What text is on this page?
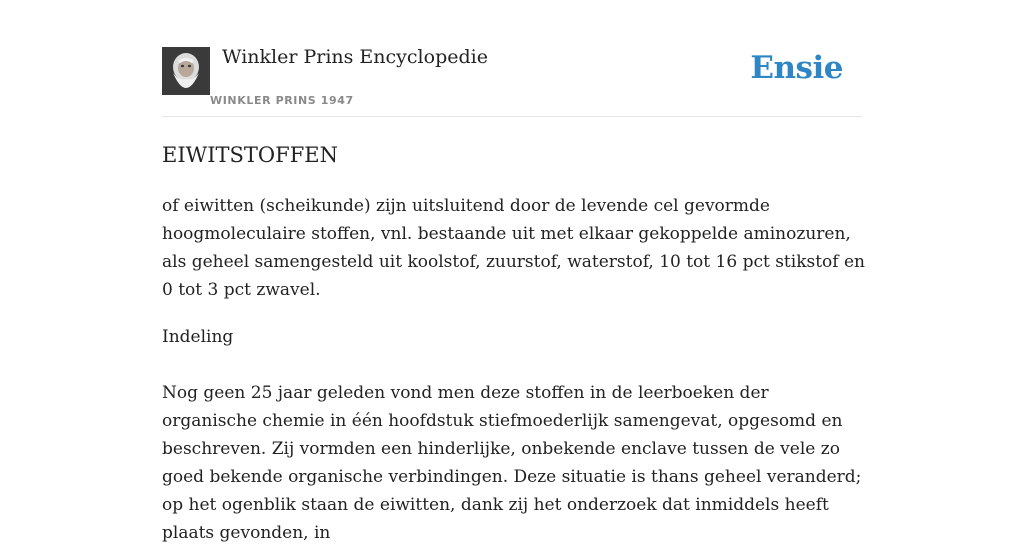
Winkler Prins Encyclopedie
WINKLER PRINS 1947
Ensie
EIWITSTOFFEN

of eiwitten (scheikunde) zijn uitsluitend door de levende cel gevormde hoogmoleculaire stoffen, vnl. bestaande uit met elkaar gekoppelde aminozuren, als geheel samengesteld uit koolstof, zuurstof, waterstof, 10 tot 16 pct stikstof en 0 tot 3 pct zwavel.

Indeling

Nog geen 25 jaar geleden vond men deze stoffen in de leerboeken der organische chemie in één hoofdstuk stiefmoederlijk samengevat, opgesomd en beschreven. Zij vormden een hinderlijke, onbekende enclave tussen de vele zo goed bekende organische verbindingen. Deze situatie is thans geheel veranderd; op het ogenblik staan de eiwitten, dank zij het onderzoek dat inmiddels heeft plaats gevonden, in
